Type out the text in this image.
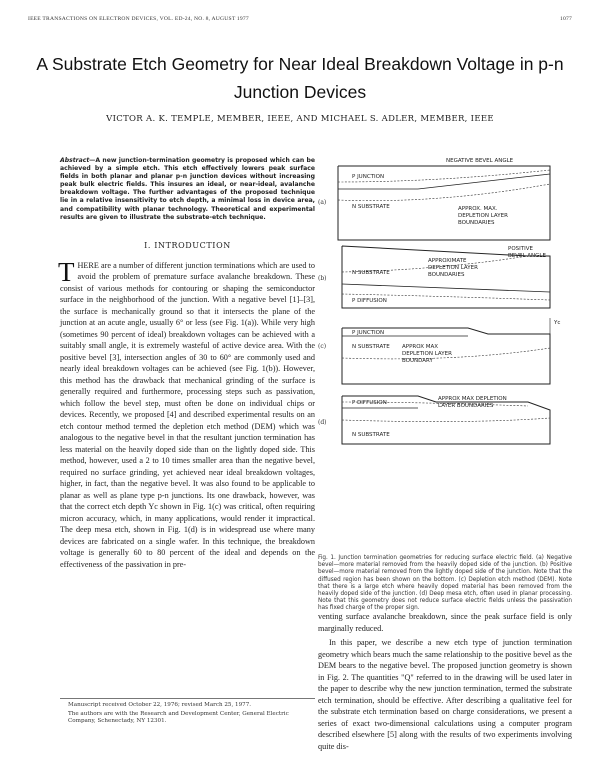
IEEE TRANSACTIONS ON ELECTRON DEVICES, VOL. ED-24, NO. 8, AUGUST 1977	1077
A Substrate Etch Geometry for Near Ideal Breakdown Voltage in p-n Junction Devices
VICTOR A. K. TEMPLE, MEMBER, IEEE, AND MICHAEL S. ADLER, MEMBER, IEEE

Abstract—A new junction-termination geometry is proposed which can be achieved by a simple etch. This etch effectively lowers peak surface fields in both planar and planar p-n junction devices without increasing peak bulk electric fields. This insures an ideal, or near-ideal, avalanche breakdown voltage. The further advantages of the proposed technique lie in a relative insensitivity to etch depth, a minimal loss in device area, and compatibility with planar technology. Theoretical and experimental results are given to illustrate the substrate-etch technique.

I. INTRODUCTION

THERE are a number of different junction terminations which are used to avoid the problem of premature surface avalanche breakdown. These consist of various methods for contouring or shaping the semiconductor surface in the neighborhood of the junction. With a negative bevel [1]–[3], the surface is mechanically ground so that it intersects the plane of the junction at an acute angle, usually 6° or less (see Fig. 1(a)). While very high (sometimes 90 percent of ideal) breakdown voltages can be achieved with a suitably small angle, it is extremely wasteful of active device area. With the positive bevel [3], intersection angles of 30 to 60° are commonly used and nearly ideal breakdown voltages can be achieved (see Fig. 1(b)). However, this method has the drawback that mechanical grinding of the surface is generally required and furthermore, processing steps such as passivation, which follow the bevel step, must often be done on individual chips or devices. Recently, we proposed [4] and described experimental results on an etch contour method termed the depletion etch method (DEM) which was analogous to the negative bevel in that the resultant junction termination has less material on the heavily doped side than on the lightly doped side. This method, however, used a 2 to 10 times smaller area than the negative bevel, required no surface grinding, yet achieved near ideal breakdown voltages, higher, in fact, than the negative bevel. It was also found to be applicable to planar as well as plane type p-n junctions. Its one drawback, however, was that the correct etch depth Yc shown in Fig. 1(c) was critical, often requiring micron accuracy, which, in many applications, would render it impractical. The deep mesa etch, shown in Fig. 1(d) is in widespread use where many devices are fabricated on a single wafer. In this technique, the breakdown voltage is generally 60 to 80 percent of the ideal and depends on the effectiveness of the passivation in pre-

Manuscript received October 22, 1976; revised March 25, 1977.

The authors are with the Research and Development Center, General Electric Company, Schenectady, NY 12301.

NEGATIVE BEVEL ANGLE
P JUNCTION
N SUBSTRATE	APPROX. MAX.
DEPLETION LAYER
BOUNDARIES
(a)
POSITIVE
BEVEL ANGLE
N SUBSTRATE
APPROXIMATE
DEPLETION LAYER
BOUNDARIES
P DIFFUSION
(b)
Yc
P JUNCTION
N SUBSTRATE APPROX MAX
DEPLETION LAYER
BOUNDARY
(c)
P DIFFUSION
APPROX MAX DEPLETION
LAYER BOUNDARIES
N SUBSTRATE
(d)
Fig. 1. Junction termination geometries for reducing surface electric field. (a) Negative bevel—more material removed from the heavily doped side of the junction. (b) Positive bevel—more material removed from the lightly doped side of the junction. Note that the diffused region has been shown on the bottom. (c) Depletion etch method (DEM). Note that there is a large etch where heavily doped material has been removed from the heavily doped side of the junction. (d) Deep mesa etch, often used in planar processing. Note that this geometry does not reduce surface electric fields unless the passivation has fixed charge of the proper sign.

venting surface avalanche breakdown, since the peak surface field is only marginally reduced.

In this paper, we describe a new etch type of junction termination geometry which bears much the same relationship to the positive bevel as the DEM bears to the negative bevel. The proposed junction geometry is shown in Fig. 2. The quantities "Q" referred to in the drawing will be used later in the paper to describe why the new junction termination, termed the substrate etch termination, should be effective. After describing a qualitative feel for the substrate etch termination based on charge considerations, we present a series of exact two-dimensional calculations using a computer program described elsewhere [5] along with the results of two experiments involving quite dis-
